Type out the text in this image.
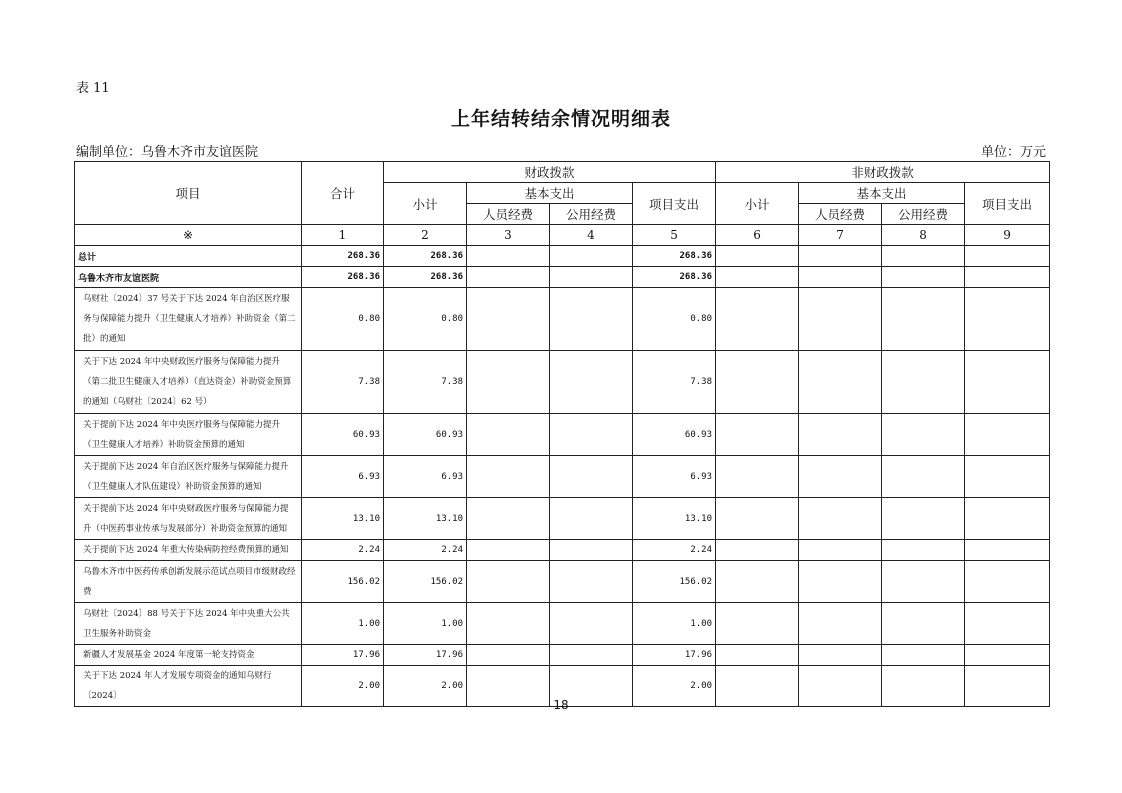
表 11
上年结转结余情况明细表
编制单位：乌鲁木齐市友谊医院	单位：万元
项目	合计	财政拨款				非财政拨款			
		小计	基本支出		项目支出	小计	基本支出		项目支出
			人员经费	公用经费			人员经费	公用经费	
※	1	2	3	4	5	6	7	8	9
总计	268.36	268.36			268.36				
乌鲁木齐市友谊医院	268.36	268.36			268.36				
乌财社〔2024〕37 号关于下达 2024 年自治区医疗服务与保障能力提升（卫生健康人才培养）补助资金（第二批）的通知	0.80	0.80			0.80				
关于下达 2024 年中央财政医疗服务与保障能力提升（第二批卫生健康人才培养）（直达资金）补助资金预算的通知（乌财社〔2024〕62 号）	7.38	7.38			7.38				
关于提前下达 2024 年中央医疗服务与保障能力提升（卫生健康人才培养）补助资金预算的通知	60.93	60.93			60.93				
关于提前下达 2024 年自治区医疗服务与保障能力提升（卫生健康人才队伍建设）补助资金预算的通知	6.93	6.93			6.93				
关于提前下达 2024 年中央财政医疗服务与保障能力提升（中医药事业传承与发展部分）补助资金预算的通知	13.10	13.10			13.10				
关于提前下达 2024 年重大传染病防控经费预算的通知	2.24	2.24			2.24				
乌鲁木齐市中医药传承创新发展示范试点项目市级财政经费	156.02	156.02			156.02				
乌财社〔2024〕88 号关于下达 2024 年中央重大公共卫生服务补助资金	1.00	1.00			1.00				
新疆人才发展基金 2024 年度第一轮支持资金	17.96	17.96			17.96				
关于下达 2024 年人才发展专项资金的通知乌财行〔2024〕	2.00	2.00			2.00				
18
